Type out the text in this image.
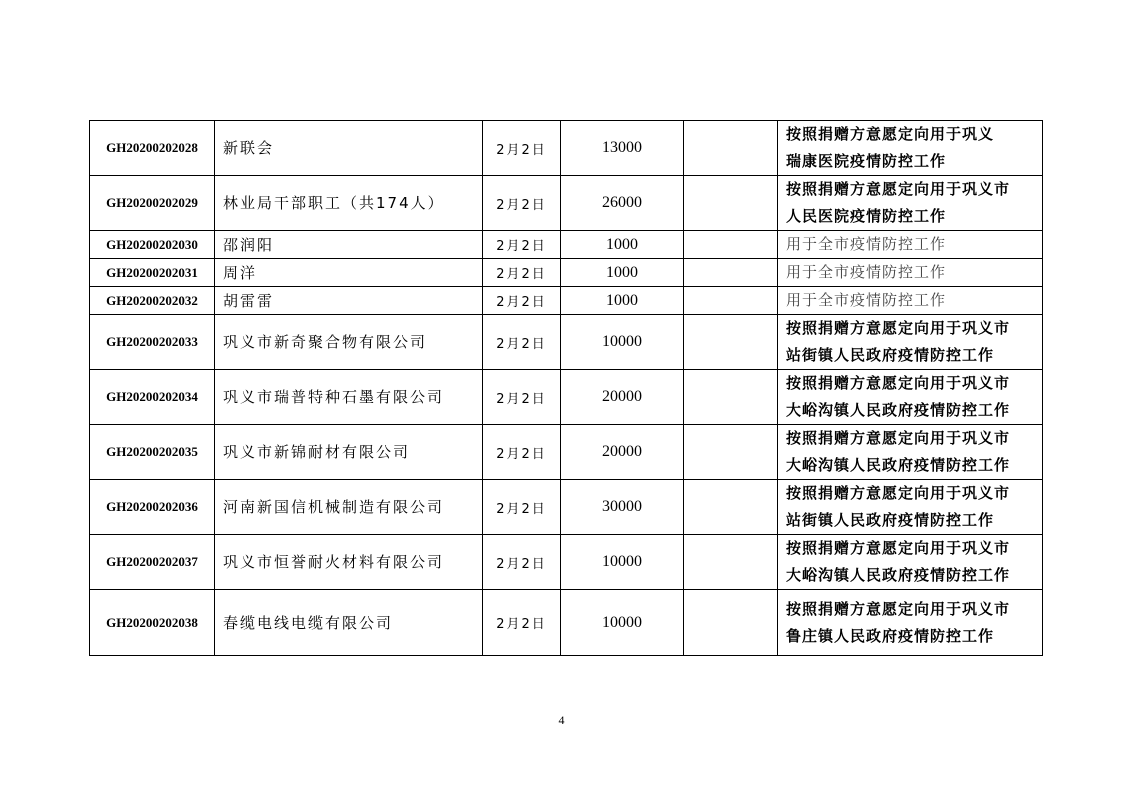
GH20200202028	新联会	2月2日	13000		按照捐赠方意愿定向用于巩义
瑞康医院疫情防控工作

GH20200202029	林业局干部职工（共174人）	2月2日	26000		按照捐赠方意愿定向用于巩义市
人民医院疫情防控工作

GH20200202030	邵润阳	2月2日	1000		用于全市疫情防控工作

GH20200202031	周洋	2月2日	1000		用于全市疫情防控工作

GH20200202032	胡雷雷	2月2日	1000		用于全市疫情防控工作

GH20200202033	巩义市新奇聚合物有限公司	2月2日	10000		按照捐赠方意愿定向用于巩义市
站街镇人民政府疫情防控工作

GH20200202034	巩义市瑞普特种石墨有限公司	2月2日	20000		按照捐赠方意愿定向用于巩义市
大峪沟镇人民政府疫情防控工作

GH20200202035	巩义市新锦耐材有限公司	2月2日	20000		按照捐赠方意愿定向用于巩义市
大峪沟镇人民政府疫情防控工作

GH20200202036	河南新国信机械制造有限公司	2月2日	30000		按照捐赠方意愿定向用于巩义市
站街镇人民政府疫情防控工作

GH20200202037	巩义市恒誉耐火材料有限公司	2月2日	10000		按照捐赠方意愿定向用于巩义市
大峪沟镇人民政府疫情防控工作

GH20200202038	春缆电线电缆有限公司	2月2日	10000		按照捐赠方意愿定向用于巩义市
鲁庄镇人民政府疫情防控工作
4
